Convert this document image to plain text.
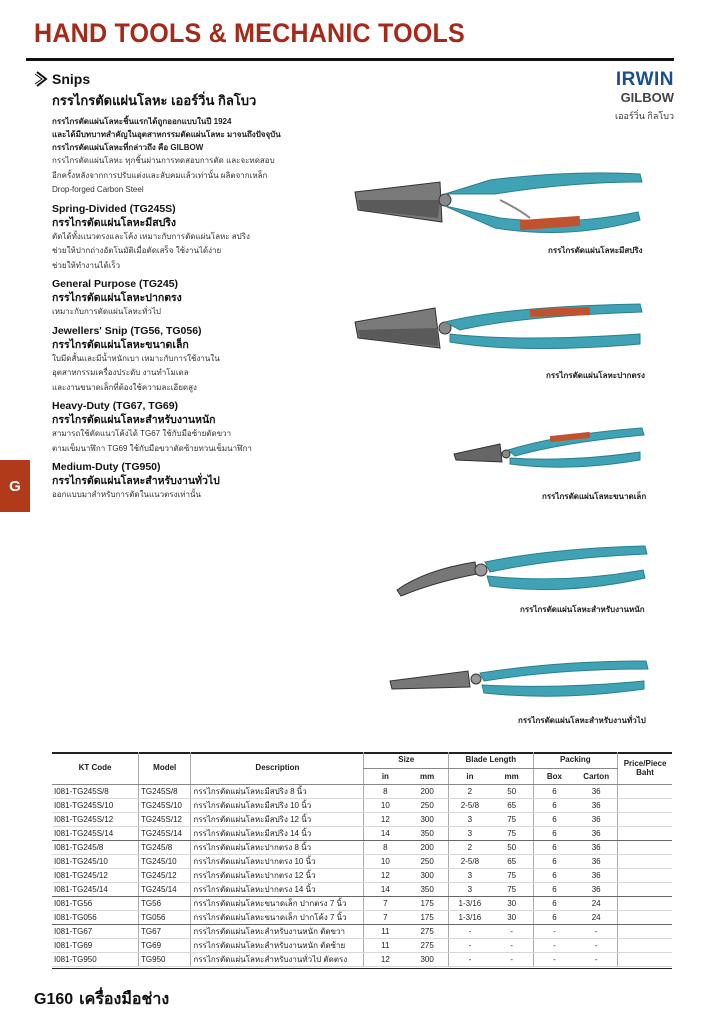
HAND TOOLS & MECHANIC TOOLS
G
Snips
กรรไกรตัดแผ่นโลหะ เออร์วิ่น กิลโบว
IRWIN
GILBOW
เออร์วิ่น กิลโบว
กรรไกรตัดแผ่นโลหะชิ้นแรกได้ถูกออกแบบในปี 1924
และได้มีบทบาทสำคัญในอุตสาหกรรมตัดแผ่นโลหะ มาจนถึงปัจจุบัน
กรรไกรตัดแผ่นโลหะที่กล่าวถึง คือ GILBOW
กรรไกรตัดแผ่นโลหะ ทุกชิ้นผ่านการทดสอบการตัด และจะทดสอบ
อีกครั้งหลังจากการปรับแต่งและลับคมแล้วเท่านั้น ผลิตจากเหล็ก
Drop-forged Carbon Steel
Spring-Divided (TG245S)
กรรไกรตัดแผ่นโลหะมีสปริง
ตัดได้ทั้งแนวตรงและโค้ง เหมาะกับการตัดแผ่นโลหะ สปริง
ช่วยให้ปากถ่างอัตโนมัติเมื่อตัดเสร็จ ใช้งานได้ง่าย
ช่วยให้ทำงานได้เร็ว
General Purpose (TG245)
กรรไกรตัดแผ่นโลหะปากตรง
เหมาะกับการตัดแผ่นโลหะทั่วไป
Jewellers' Snip (TG56, TG056)
กรรไกรตัดแผ่นโลหะขนาดเล็ก
ใบมีดสั้นและมีน้ำหนักเบา เหมาะกับการใช้งานใน
อุตสาหกรรมเครื่องประดับ งานทำโมเดล
และงานขนาดเล็กที่ต้องใช้ความละเอียดสูง
Heavy-Duty (TG67, TG69)
กรรไกรตัดแผ่นโลหะสำหรับงานหนัก
สามารถใช้ตัดแนวโค้งได้ TG67 ใช้กับมือซ้ายตัดขวา
ตามเข็มนาฬิกา TG69 ใช้กับมือขวาตัดซ้ายทวนเข็มนาฬิกา
Medium-Duty (TG950)
กรรไกรตัดแผ่นโลหะสำหรับงานทั่วไป
ออกแบบมาสำหรับการตัดในแนวตรงเท่านั้น
กรรไกรตัดแผ่นโลหะมีสปริง
กรรไกรตัดแผ่นโลหะปากตรง
กรรไกรตัดแผ่นโลหะขนาดเล็ก
กรรไกรตัดแผ่นโลหะสำหรับงานหนัก
กรรไกรตัดแผ่นโลหะสำหรับงานทั่วไป
KT Code	Model	Description	Size		Blade Length		Packing		Price/Piece Baht
			in	mm	in	mm	Box	Carton	
I081-TG245S/8	TG245S/8	กรรไกรตัดแผ่นโลหะมีสปริง 8 นิ้ว	8	200	2	50	6	36	
I081-TG245S/10	TG245S/10	กรรไกรตัดแผ่นโลหะมีสปริง 10 นิ้ว	10	250	2-5/8	65	6	36	
I081-TG245S/12	TG245S/12	กรรไกรตัดแผ่นโลหะมีสปริง 12 นิ้ว	12	300	3	75	6	36	
I081-TG245S/14	TG245S/14	กรรไกรตัดแผ่นโลหะมีสปริง 14 นิ้ว	14	350	3	75	6	36	
I081-TG245/8	TG245/8	กรรไกรตัดแผ่นโลหะปากตรง 8 นิ้ว	8	200	2	50	6	36	
I081-TG245/10	TG245/10	กรรไกรตัดแผ่นโลหะปากตรง 10 นิ้ว	10	250	2-5/8	65	6	36	
I081-TG245/12	TG245/12	กรรไกรตัดแผ่นโลหะปากตรง 12 นิ้ว	12	300	3	75	6	36	
I081-TG245/14	TG245/14	กรรไกรตัดแผ่นโลหะปากตรง 14 นิ้ว	14	350	3	75	6	36	
I081-TG56	TG56	กรรไกรตัดแผ่นโลหะขนาดเล็ก ปากตรง 7 นิ้ว	7	175	1-3/16	30	6	24	
I081-TG056	TG056	กรรไกรตัดแผ่นโลหะขนาดเล็ก ปากโค้ง 7 นิ้ว	7	175	1-3/16	30	6	24	
I081-TG67	TG67	กรรไกรตัดแผ่นโลหะสำหรับงานหนัก ตัดขวา	11	275	-	-	-	-	
I081-TG69	TG69	กรรไกรตัดแผ่นโลหะสำหรับงานหนัก ตัดซ้าย	11	275	-	-	-	-	
I081-TG950	TG950	กรรไกรตัดแผ่นโลหะสำหรับงานทั่วไป ตัดตรง	12	300	-	-	-	-	
G160 เครื่องมือช่าง
